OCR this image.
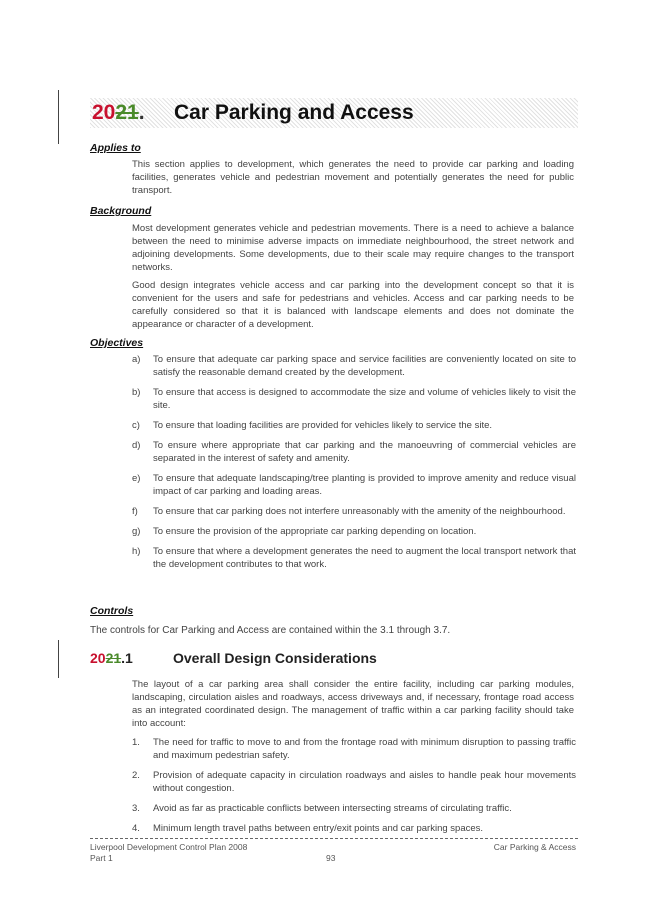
2021. Car Parking and Access
Applies to
This section applies to development, which generates the need to provide car parking and loading facilities, generates vehicle and pedestrian movement and potentially generates the need for public transport.
Background
Most development generates vehicle and pedestrian movements. There is a need to achieve a balance between the need to minimise adverse impacts on immediate neighbourhood, the street network and adjoining developments. Some developments, due to their scale may require changes to the transport networks.
Good design integrates vehicle access and car parking into the development concept so that it is convenient for the users and safe for pedestrians and vehicles. Access and car parking needs to be carefully considered so that it is balanced with landscape elements and does not dominate the appearance or character of a development.
Objectives
a) To ensure that adequate car parking space and service facilities are conveniently located on site to satisfy the reasonable demand created by the development.
b) To ensure that access is designed to accommodate the size and volume of vehicles likely to visit the site.
c) To ensure that loading facilities are provided for vehicles likely to service the site.
d) To ensure where appropriate that car parking and the manoeuvring of commercial vehicles are separated in the interest of safety and amenity.
e) To ensure that adequate landscaping/tree planting is provided to improve amenity and reduce visual impact of car parking and loading areas.
f) To ensure that car parking does not interfere unreasonably with the amenity of the neighbourhood.
g) To ensure the provision of the appropriate car parking depending on location.
h) To ensure that where a development generates the need to augment the local transport network that the development contributes to that work.
Controls
The controls for Car Parking and Access are contained within the 3.1 through 3.7.
2021.1	Overall Design Considerations
The layout of a car parking area shall consider the entire facility, including car parking modules, landscaping, circulation aisles and roadways, access driveways and, if necessary, frontage road access as an integrated coordinated design. The management of traffic within a car parking facility should take into account:
1. The need for traffic to move to and from the frontage road with minimum disruption to passing traffic and maximum pedestrian safety.
2. Provision of adequate capacity in circulation roadways and aisles to handle peak hour movements without congestion.
3. Avoid as far as practicable conflicts between intersecting streams of circulating traffic.
4. Minimum length travel paths between entry/exit points and car parking spaces.
Liverpool Development Control Plan 2008
Part 1	93
Car Parking & Access
